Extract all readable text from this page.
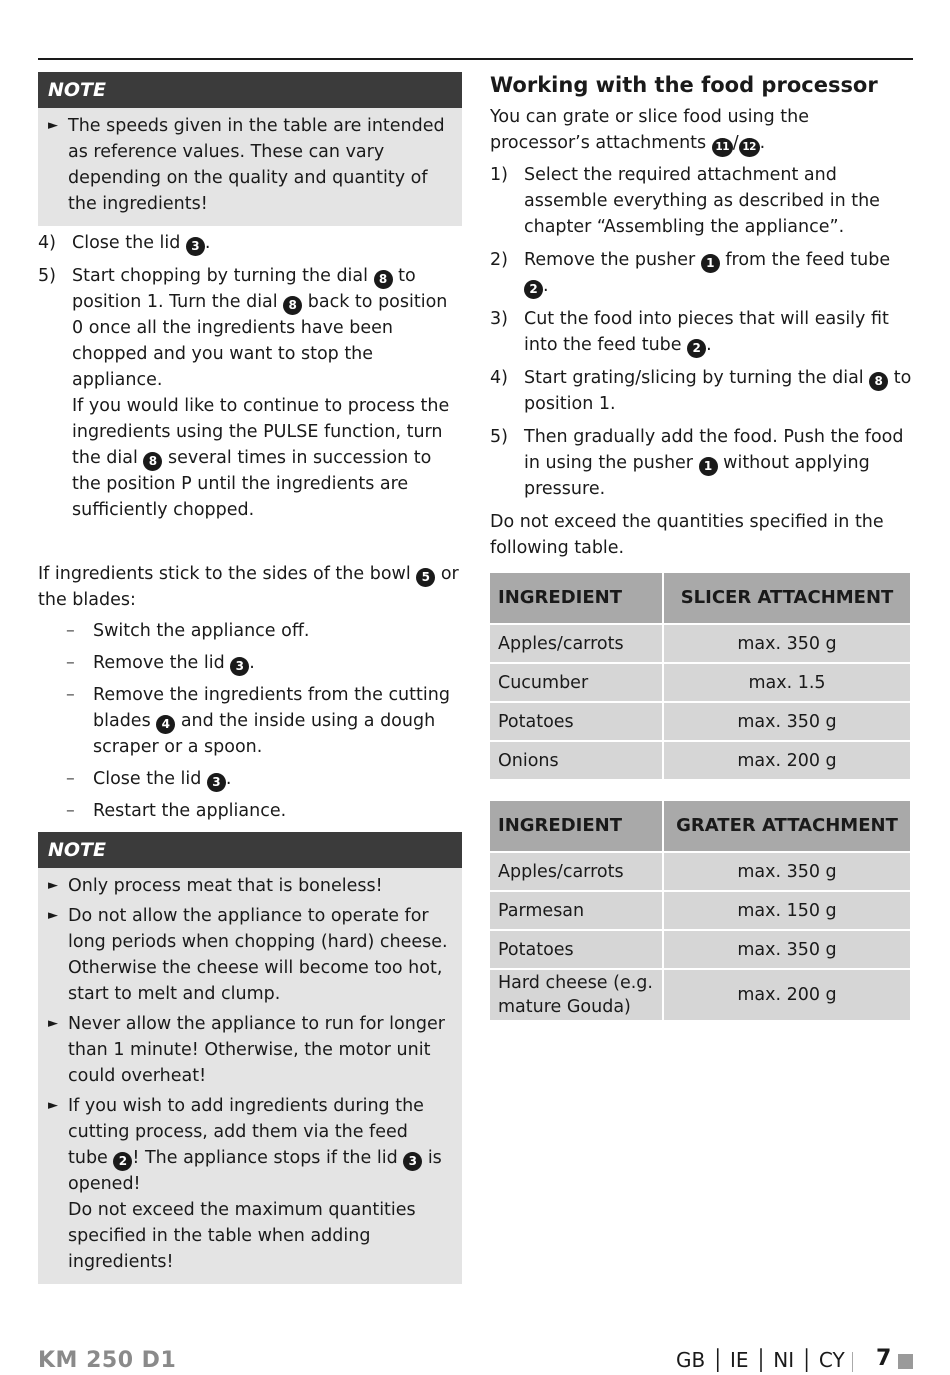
NOTE
► The speeds given in the table are intended as reference values. These can vary depending on the quality and quantity of the ingredients!
4) Close the lid 3 .
5) Start chopping by turning the dial 8 to position 1. Turn the dial 8 back to position 0 once all the ingredients have been chopped and you want to stop the appliance.
If you would like to continue to process the ingredients using the PULSE function, turn the dial 8 several times in succession to the position P until the ingredients are sufficiently chopped.

If ingredients stick to the sides of the bowl 5 or the blades:

– Switch the appliance off.
– Remove the lid 3 .
– Remove the ingredients from the cutting blades 4 and the inside using a dough scraper or a spoon.
– Close the lid 3 .
– Restart the appliance.
NOTE
► Only process meat that is boneless!
► Do not allow the appliance to operate for long periods when chopping (hard) cheese. Otherwise the cheese will become too hot, start to melt and clump.
► Never allow the appliance to run for longer than 1 minute! Otherwise, the motor unit could overheat!
► If you wish to add ingredients during the cutting process, add them via the feed tube 2 ! The appliance stops if the lid 3 is opened!
Do not exceed the maximum quantities specified in the table when adding ingredients!
Working with the food processor

You can grate or slice food using the processor’s attachments 11 / 12 .

1) Select the required attachment and assemble everything as described in the chapter “Assembling the appliance”.
2) Remove the pusher 1 from the feed tube 2 .
3) Cut the food into pieces that will easily fit into the feed tube 2 .
4) Start grating/slicing by turning the dial 8 to position 1.
5) Then gradually add the food. Push the food in using the pusher 1 without applying pressure.

Do not exceed the quantities specified in the following table.

INGREDIENT	SLICER ATTACHMENT
Apples/carrots	max. 350 g
Cucumber	max. 1.5
Potatoes	max. 350 g
Onions	max. 200 g
INGREDIENT	GRATER ATTACHMENT
Apples/carrots	max. 350 g
Parmesan	max. 150 g
Potatoes	max. 350 g
Hard cheese (e.g. mature Gouda)	max. 200 g
KM 250 D1	GB │ IE │ NI │ CY 7
